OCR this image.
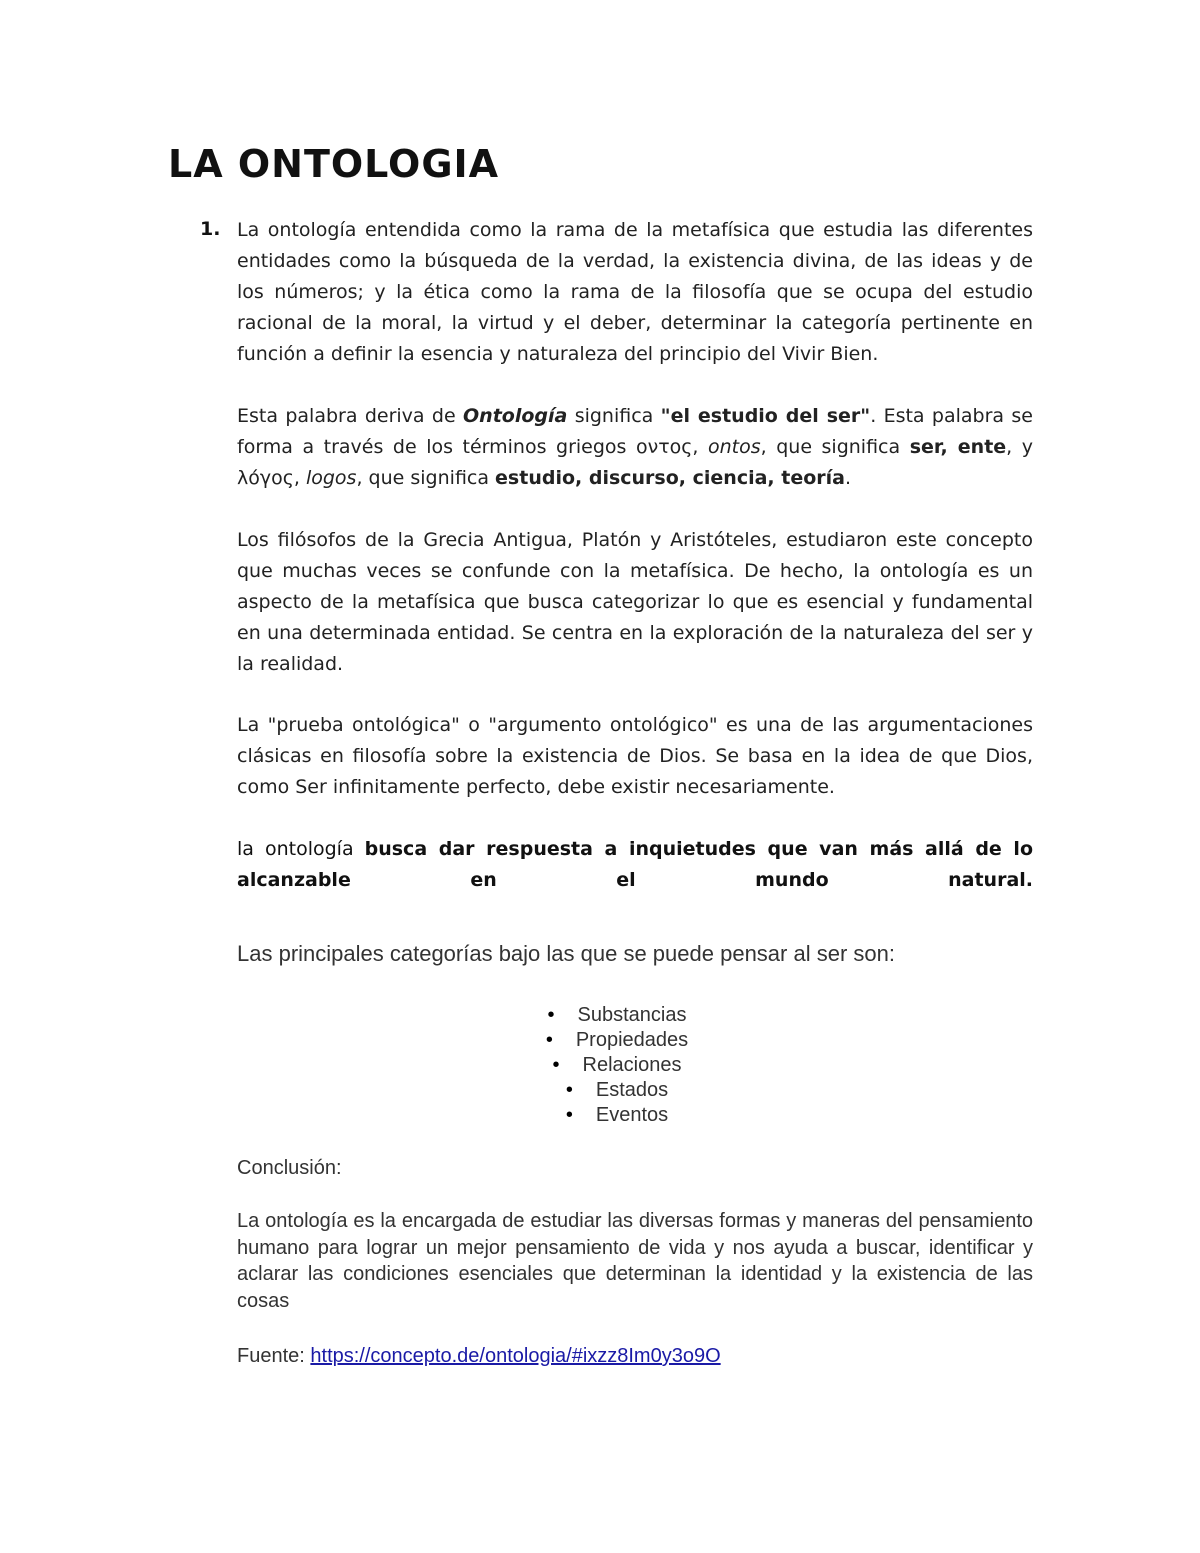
LA ONTOLOGIA
1. La ontología entendida como la rama de la metafísica que estudia las diferentes entidades como la búsqueda de la verdad, la existencia divina, de las ideas y de los números; y la ética como la rama de la filosofía que se ocupa del estudio racional de la moral, la virtud y el deber, determinar la categoría pertinente en función a definir la esencia y naturaleza del principio del Vivir Bien.

Esta palabra deriva de Ontología significa "el estudio del ser". Esta palabra se forma a través de los términos griegos οντος, ontos, que significa ser, ente, y λόγος, logos, que significa estudio, discurso, ciencia, teoría.

Los filósofos de la Grecia Antigua, Platón y Aristóteles, estudiaron este concepto que muchas veces se confunde con la metafísica. De hecho, la ontología es un aspecto de la metafísica que busca categorizar lo que es esencial y fundamental en una determinada entidad. Se centra en la exploración de la naturaleza del ser y la realidad.

La "prueba ontológica" o "argumento ontológico" es una de las argumentaciones clásicas en filosofía sobre la existencia de Dios. Se basa en la idea de que Dios, como Ser infinitamente perfecto, debe existir necesariamente.

la ontología busca dar respuesta a inquietudes que van más allá de lo alcanzable en el mundo natural.

Las principales categorías bajo las que se puede pensar al ser son:

• Substancias
• Propiedades
• Relaciones
• Estados
• Eventos

Conclusión:

La ontología es la encargada de estudiar las diversas formas y maneras del pensamiento humano para lograr un mejor pensamiento de vida y nos ayuda a buscar, identificar y aclarar las condiciones esenciales que determinan la identidad y la existencia de las cosas

Fuente: https://concepto.de/ontologia/#ixzz8Im0y3o9O
